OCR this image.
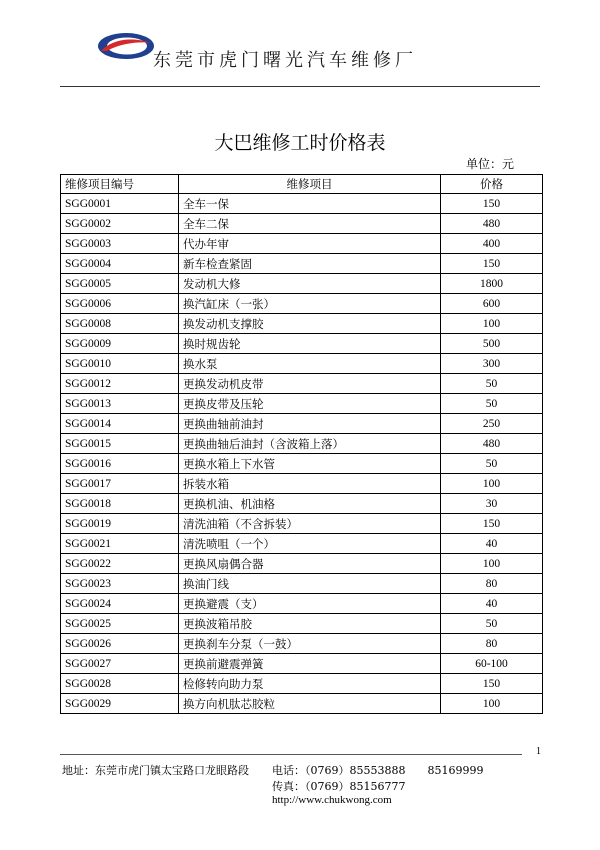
东莞市虎门曙光汽车维修厂
大巴维修工时价格表
单位：元
维修项目编号	维修项目	价格
SGG0001	全车一保	150
SGG0002	全车二保	480
SGG0003	代办年审	400
SGG0004	新车检查紧固	150
SGG0005	发动机大修	1800
SGG0006	换汽缸床（一张）	600
SGG0008	换发动机支撑胶	100
SGG0009	换时规齿轮	500
SGG0010	换水泵	300
SGG0012	更换发动机皮带	50
SGG0013	更换皮带及压轮	50
SGG0014	更换曲轴前油封	250
SGG0015	更换曲轴后油封（含波箱上落）	480
SGG0016	更换水箱上下水管	50
SGG0017	拆装水箱	100
SGG0018	更换机油、机油格	30
SGG0019	清洗油箱（不含拆装）	150
SGG0021	清洗喷咀（一个）	40
SGG0022	更换风扇偶合器	100
SGG0023	换油门线	80
SGG0024	更换避震（支）	40
SGG0025	更换波箱吊胶	50
SGG0026	更换刹车分泵（一鼓）	80
SGG0027	更换前避震弹簧	60-100
SGG0028	检修转向助力泵	150
SGG0029	换方向机肽芯胶粒	100
1
地址：东莞市虎门镇太宝路口龙眼路段 电话：（0769）85553888　　85169999
传真：（0769）85156777
http://www.chukwong.com
